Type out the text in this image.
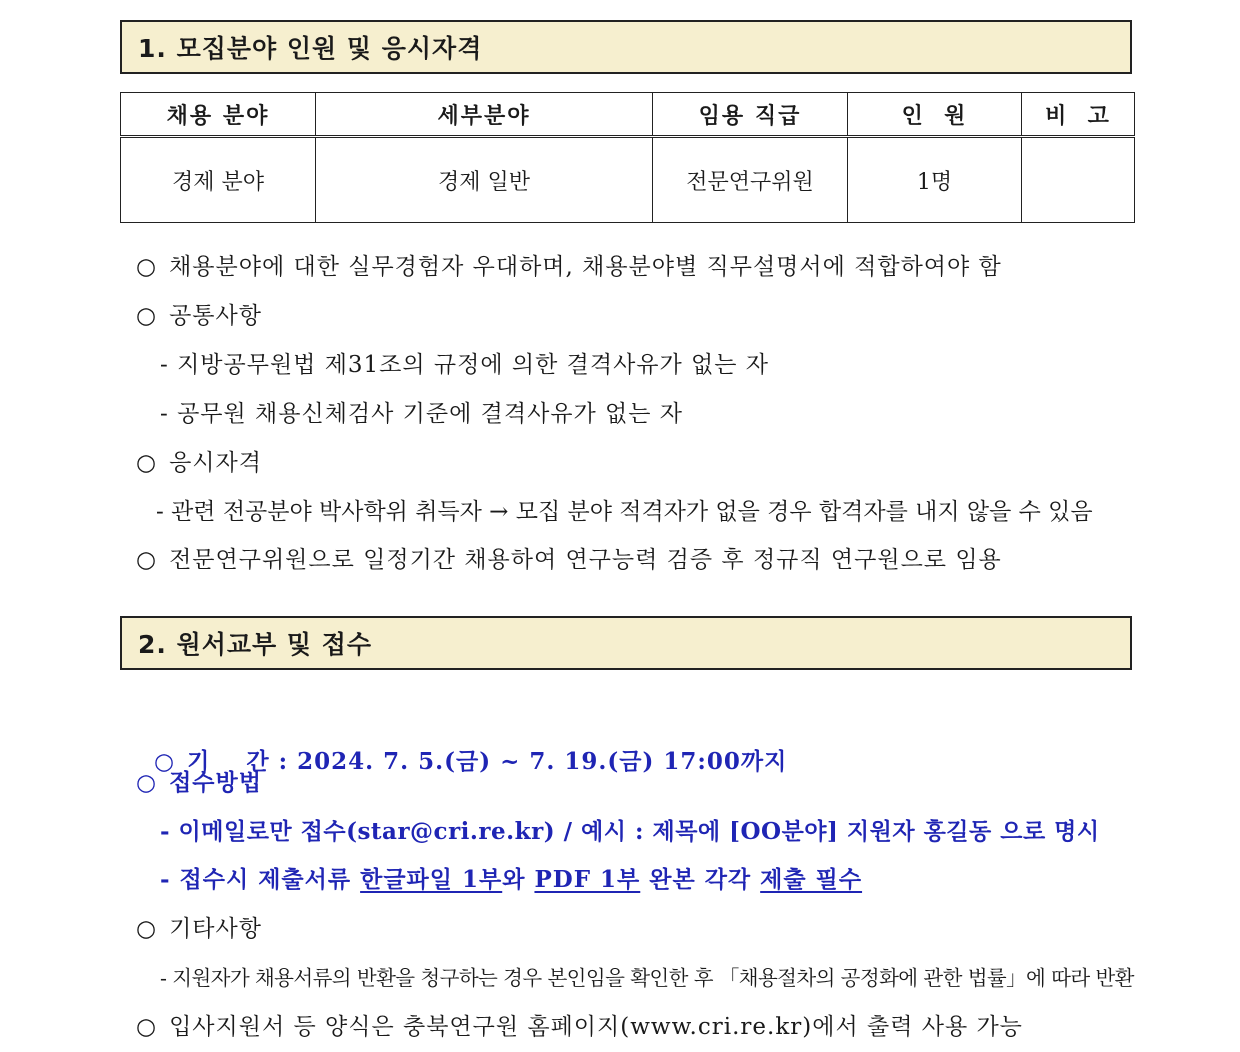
1. 모집분야 인원 및 응시자격
채용 분야	세부분야	임용 직급	인  원	비  고
경제 분야	경제 일반	전문연구위원	1명	
○ 채용분야에 대한 실무경험자 우대하며, 채용분야별 직무설명서에 적합하여야 함
○ 공통사항
- 지방공무원법 제31조의 규정에 의한 결격사유가 없는 자
- 공무원 채용신체검사 기준에 결격사유가 없는 자
○ 응시자격
- 관련 전공분야 박사학위 취득자 → 모집 분야 적격자가 없을 경우 합격자를 내지 않을 수 있음
○ 전문연구위원으로 일정기간 채용하여 연구능력 검증 후 정규직 연구원으로 임용
2. 원서교부 및 접수

○ 기    간 : 2024. 7. 5.(금) ~ 7. 19.(금) 17:00까지

○ 접수방법
- 이메일로만 접수(star@cri.re.kr) / 예시 : 제목에 [OO분야] 지원자 홍길동 으로 명시
- 접수시 제출서류 한글파일 1부와 PDF 1부 완본 각각 제출 필수
○ 기타사항
- 지원자가 채용서류의 반환을 청구하는 경우 본인임을 확인한 후 「채용절차의 공정화에 관한 법률」에 따라 반환
○ 입사지원서 등 양식은 충북연구원 홈페이지(www.cri.re.kr)에서 출력 사용 가능
